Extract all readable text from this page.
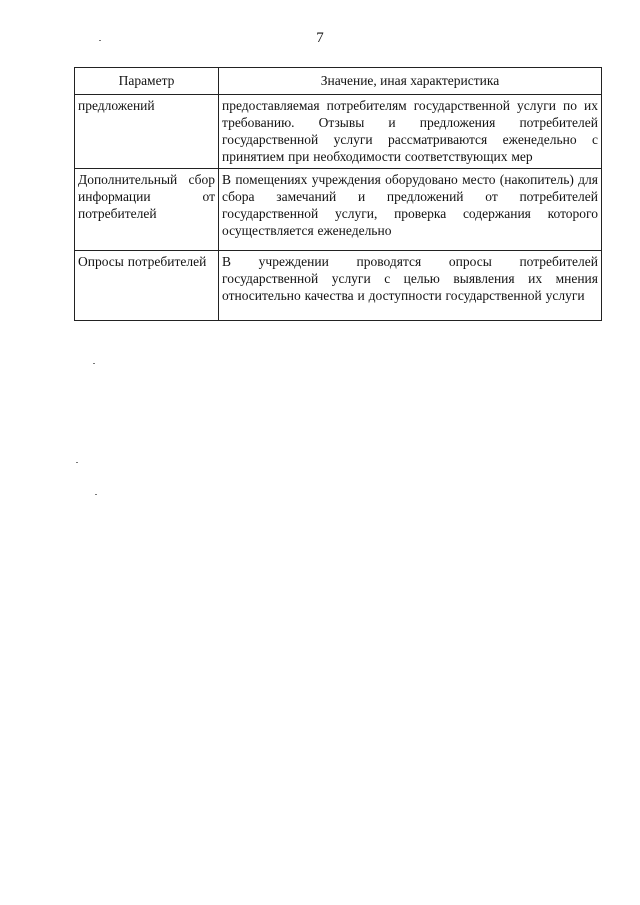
7
Параметр	Значение, иная характеристика
предложений	предоставляемая потребителям государственной услуги по их требованию. Отзывы и предложения потребителей государственной услуги рассматриваются еженедельно с принятием при необходимости соответствующих мер
Дополнительный сбор информации от потребителей	В помещениях учреждения оборудовано место (накопитель) для сбора замечаний и предложений от потребителей государственной услуги, проверка содержания которого осуществляется еженедельно
Опросы потребителей	В учреждении проводятся опросы потребителей государственной услуги с целью выявления их мнения относительно качества и доступности государственной услуги
